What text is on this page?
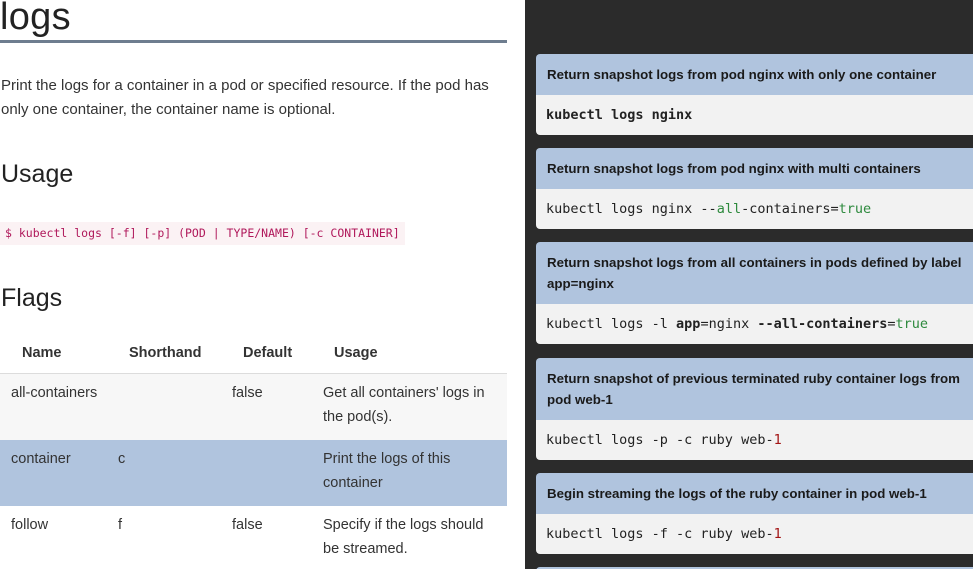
logs

Print the logs for a container in a pod or specified resource. If the pod has only one container, the container name is optional.

Usage
$ kubectl logs [-f] [-p] (POD | TYPE/NAME) [-c CONTAINER]
Flags
Name	Shorthand	Default	Usage
all-containers		false	Get all containers' logs in the pod(s).
container	c		Print the logs of this container
follow	f	false	Specify if the logs should be streamed.
Return snapshot logs from pod nginx with only one container
kubectl logs nginx
Return snapshot logs from pod nginx with multi containers
kubectl logs nginx --all-containers=true
Return snapshot logs from all containers in pods defined by label app=nginx
kubectl logs -l app=nginx --all-containers=true
Return snapshot of previous terminated ruby container logs from pod web-1
kubectl logs -p -c ruby web-1
Begin streaming the logs of the ruby container in pod web-1
kubectl logs -f -c ruby web-1
